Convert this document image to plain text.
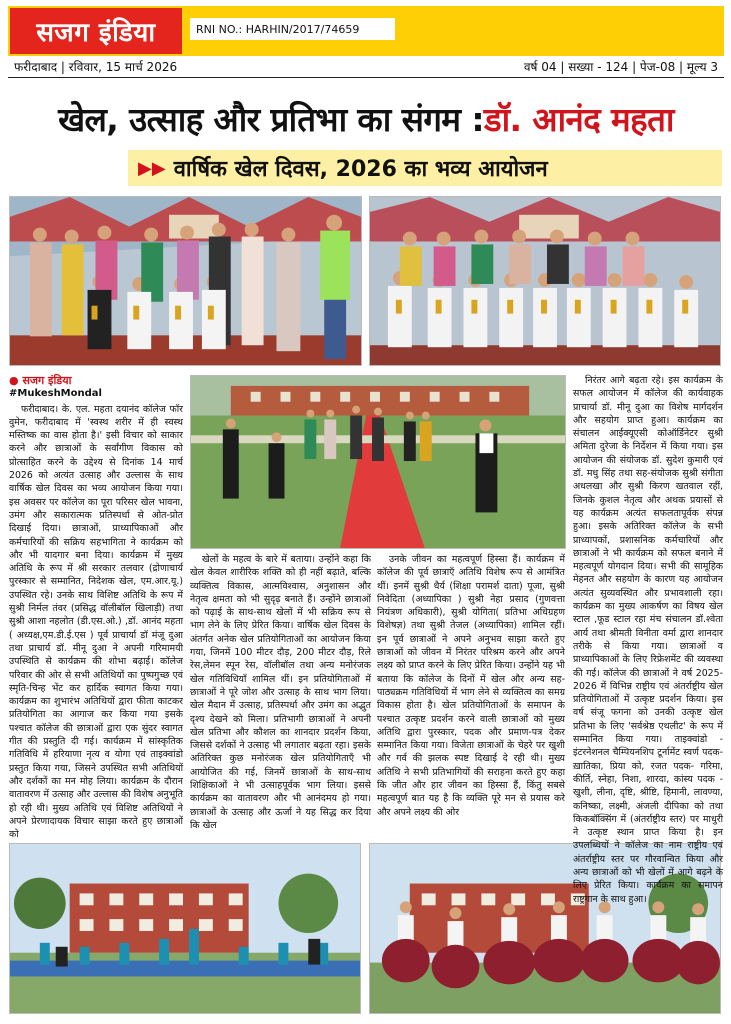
सजग इंडिया	RNI NO.: HARHIN/2017/74659
फरीदाबाद | रविवार, 15 मार्च 2026	वर्ष 04 | सख्या - 124 | पेज-08 | मूल्य 3
खेल, उत्साह और प्रतिभा का संगम : डॉ. आनंद महता
▶▶ वार्षिक खेल दिवस, 2026 का भव्य आयोजन
● सजग इंडिया
#MukeshMondal

फरीदाबाद। के. एल. महता दयानंद कॉलेज फॉर वुमेन, फरीदाबाद में 'स्वस्थ शरीर में ही स्वस्थ मस्तिष्क का वास होता है।' इसी विचार को साकार करने और छात्राओं के सर्वांगीण विकास को प्रोत्साहित करने के उद्देश्य से दिनांक 14 मार्च 2026 को अत्यंत उत्साह और उल्लास के साथ वार्षिक खेल दिवस का भव्य आयोजन किया गया। इस अवसर पर कॉलेज का पूरा परिसर खेल भावना, उमंग और सकारात्मक प्रतिस्पर्धा से ओत-प्रोत दिखाई दिया। छात्राओं, प्राध्यापिकाओं और कर्मचारियों की सक्रिय सहभागिता ने कार्यक्रम को और भी यादगार बना दिया। कार्यक्रम में मुख्य अतिथि के रूप में श्री सरकार तलवार (द्रोणाचार्य पुरस्कार से सम्मानित, निदेशक खेल, एम.आर.यू.) उपस्थित रहे। उनके साथ विशिष्ट अतिथि के रूप में सुश्री निर्मल तंवर (प्रसिद्ध वॉलीबॉल खिलाड़ी) तथा सुश्री आशा नहलोत (डी.एस.ओ.) ,डॉ. आनंद महता ( अध्यक्ष,एम.डी.ई.एस ) पूर्व प्राचार्या डॉ मंजू दुआ तथा प्राचार्य डॉ. मीनू दुआ ने अपनी गरिमामयी उपस्थिति से कार्यक्रम की शोभा बढ़ाई। कॉलेज परिवार की ओर से सभी अतिथियों का पुष्पगुच्छ एवं स्मृति-चिन्ह भेंट कर हार्दिक स्वागत किया गया। कार्यक्रम का शुभारंभ अतिथियों द्वारा फीता काटकर प्रतियोगिता का आगाज कर किया गया इसके पश्चात कॉलेज की छात्राओं द्वारा एक सुंदर स्वागत गीत की प्रस्तुति दी गई। कार्यक्रम में सांस्कृतिक गतिविधि में हरियाणा नृत्य व योगा एवं ताइक्वांडो प्रस्तुत किया गया, जिसने उपस्थित सभी अतिथियों और दर्शकों का मन मोह लिया। कार्यक्रम के दौरान वातावरण में उत्साह और उल्लास की विशेष अनुभूति हो रही थी। मुख्य अतिथि एवं विशिष्ट अतिथियों ने अपने प्रेरणादायक विचार साझा करते हुए छात्राओं को

खेलों के महत्व के बारे में बताया। उन्होंने कहा कि खेल केवल शारीरिक शक्ति को ही नहीं बढ़ाते, बल्कि व्यक्तित्व विकास, आत्मविश्वास, अनुशासन और नेतृत्व क्षमता को भी सुदृढ़ बनाते हैं। उन्होंने छात्राओं को पढ़ाई के साथ-साथ खेलों में भी सक्रिय रूप से भाग लेने के लिए प्रेरित किया। वार्षिक खेल दिवस के अंतर्गत अनेक खेल प्रतियोगिताओं का आयोजन किया गया, जिनमें 100 मीटर दौड़, 200 मीटर दौड़, रिले रेस,लेमन स्पून रेस, वॉलीबॉल तथा अन्य मनोरंजक खेल गतिविधियाँ शामिल थीं। इन प्रतियोगिताओं में छात्राओं ने पूरे जोश और उत्साह के साथ भाग लिया। खेल मैदान में उत्साह, प्रतिस्पर्धा और उमंग का अद्भुत दृश्य देखने को मिला। प्रतिभागी छात्राओं ने अपनी खेल प्रतिभा और कौशल का शानदार प्रदर्शन किया, जिससे दर्शकों ने उत्साह भी लगातार बढ़ता रहा। इसके अतिरिक्त कुछ मनोरंजक खेल प्रतियोगिताएँ भी आयोजित की गई, जिनमें छात्राओं के साथ-साथ शिक्षिकाओं ने भी उत्साहपूर्वक भाग लिया। इससे कार्यक्रम का वातावरण और भी आनंदमय हो गया। छात्राओं के उत्साह और ऊर्जा ने यह सिद्ध कर दिया कि खेल

उनके जीवन का महत्वपूर्ण हिस्सा हैं। कार्यक्रम में कॉलेज की पूर्व छात्राएँ अतिथि विशेष रूप से आमंत्रित थीं। इनमें सुश्री धैर्य (शिक्षा परामर्श दाता) पूजा, सुश्री निवेदिता (अध्यापिका ) सुश्री नेहा प्रसाद (गुणवत्ता नियंत्रण अधिकारी), सुश्री योगिता( प्रतिभा अधिग्रहण विशेषज्ञ) तथा सुश्री तेजल (अध्यापिका) शामिल रहीं। इन पूर्व छात्राओं ने अपने अनुभव साझा करते हुए छात्राओं को जीवन में निरंतर परिश्रम करने और अपने लक्ष्य को प्राप्त करने के लिए प्रेरित किया। उन्होंने यह भी बताया कि कॉलेज के दिनों में खेल और अन्य सह-पाठ्यक्रम गतिविधियों में भाग लेने से व्यक्तित्व का समग्र विकास होता है। खेल प्रतियोगिताओं के समापन के पश्चात उत्कृष्ट प्रदर्शन करने वाली छात्राओं को मुख्य अतिथि द्वारा पुरस्कार, पदक और प्रमाण-पत्र देकर सम्मानित किया गया। विजेता छात्राओं के चेहरे पर खुशी और गर्व की झलक स्पष्ट दिखाई दे रही थी। मुख्य अतिथि ने सभी प्रतिभागियों की सराहना करते हुए कहा कि जीत और हार जीवन का हिस्सा हैं, किंतु सबसे महत्वपूर्ण बात यह है कि व्यक्ति पूरे मन से प्रयास करे और अपने लक्ष्य की ओर

निरंतर आगे बढ़ता रहे। इस कार्यक्रम के सफल आयोजन में कॉलेज की कार्यवाहक प्राचार्या डॉ. मीनू दुआ का विशेष मार्गदर्शन और सहयोग प्राप्त हुआ। कार्यक्रम का संचालन आईक्यूएसी कोऑर्डिनेटर सुश्री अमिता दुरेजा के निर्देशन में किया गया। इस आयोजन की संयोजक डॉ. सुदेश कुमारी एवं डॉ. मधु सिंह तथा सह-संयोजक सुश्री संगीता अधलखा और सुश्री किरण खतवाल रहीं, जिनके कुशल नेतृत्व और अथक प्रयासों से यह कार्यक्रम अत्यंत सफलतापूर्वक संपन्न हुआ। इसके अतिरिक्त कॉलेज के सभी प्राध्यापकों, प्रशासनिक कर्मचारियों और छात्राओं ने भी कार्यक्रम को सफल बनाने में महत्वपूर्ण योगदान दिया। सभी की सामूहिक मेहनत और सहयोग के कारण यह आयोजन अत्यंत सुव्यवस्थित और प्रभावशाली रहा। कार्यक्रम का मुख्य आकर्षण का विषय खेल स्टाल ,फूड स्टाल रहा मंच संचालन डॉ.श्वेता आर्य तथा श्रीमती विनीता वर्मा द्वारा शानदार तरीके से किया गया। छात्राओं व प्राध्यापिकाओं के लिए रिफ्रेशमेंट की व्यवस्था की गई। कॉलेज की छात्राओं ने वर्ष 2025-2026 में विभिन्न राष्ट्रीय एवं अंतर्राष्ट्रीय खेल प्रतियोगिताओं में उत्कृष्ट प्रदर्शन किया। इस वर्ष संजू फगना को उनकी उत्कृष्ट खेल प्रतिभा के लिए 'सर्वश्रेष्ठ एथलीट' के रूप में सम्मानित किया गया। ताइक्वांडो - इंटरनेशनल चैम्पियनशिप टूर्नामेंट स्वर्ण पदक- ख़ातिका, प्रिया को, रजत पदक- गरिमा, कीर्ति, स्नेहा, निशा, शारदा, कांस्य पदक - खुशी, लीना, दृष्टि, श्रीष्टि, हिमानी, लावण्या, कनिष्का, लक्ष्मी, अंजली दीपिका को तथा किकबॉक्सिंग में (अंतर्राष्ट्रीय स्तर) पर माधुरी ने उत्कृष्ट स्थान प्राप्त किया है। इन उपलब्धियों ने कॉलेज का नाम राष्ट्रीय एवं अंतर्राष्ट्रीय स्तर पर गौरवान्वित किया और अन्य छात्राओं को भी खेलों में आगे बढ़ने के लिए प्रेरित किया। कार्यक्रम का समापन राष्ट्रगान के साथ हुआ।
